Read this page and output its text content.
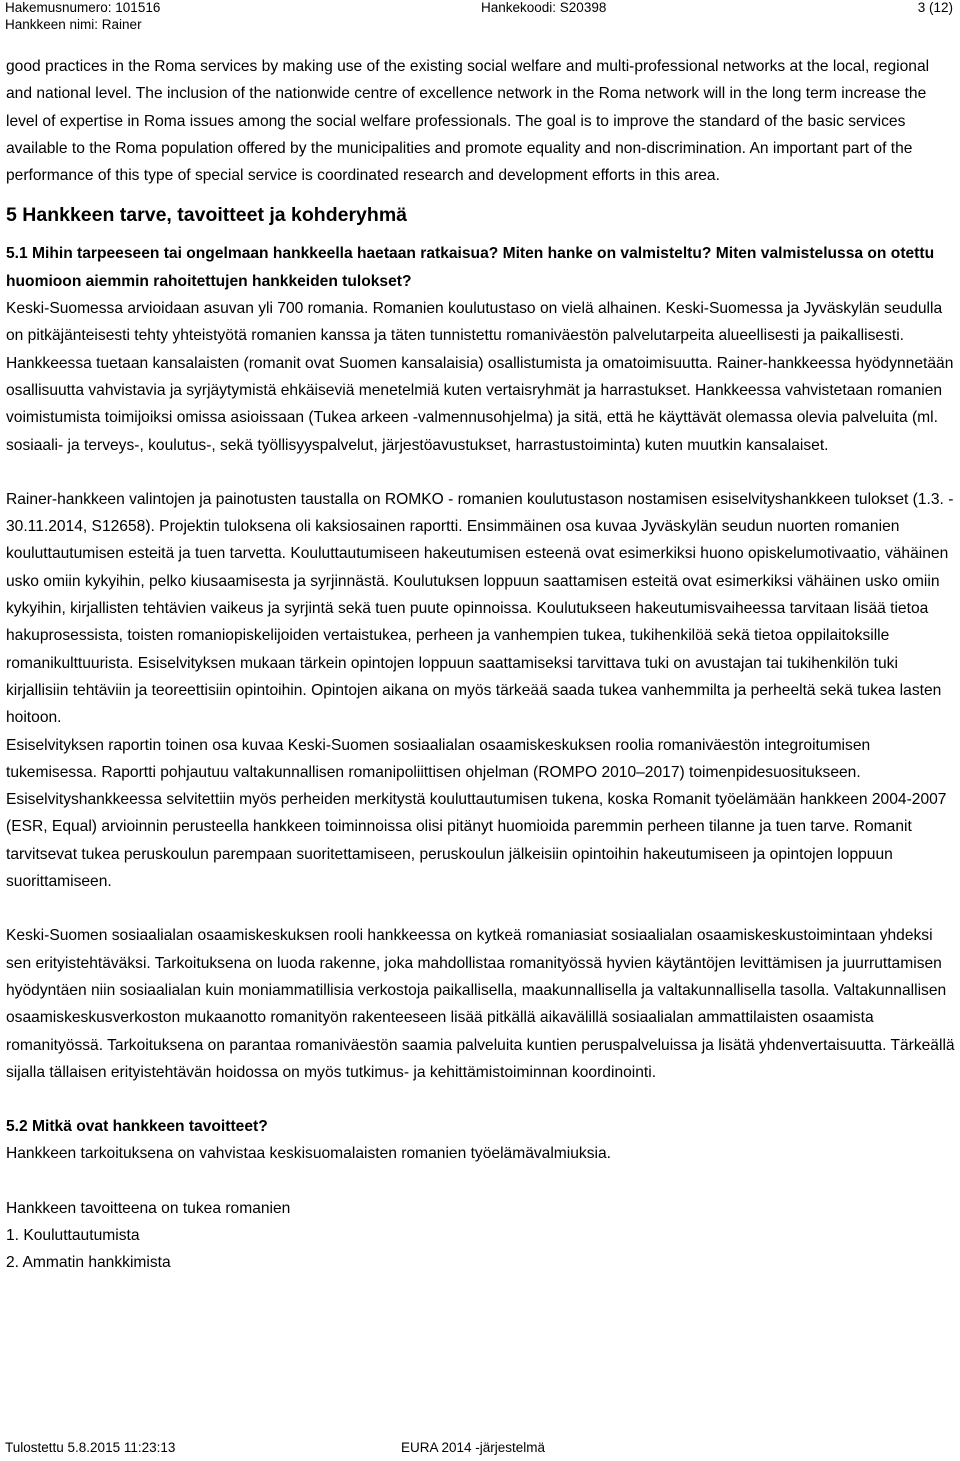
Hakemusnumero: 101516	Hankekoodi: S20398	3 (12)
Hankkeen nimi: Rainer

good practices in the Roma services by making use of the existing social welfare and multi-professional networks at the local, regional and national level. The inclusion of the nationwide centre of excellence network in the Roma network will in the long term increase the level of expertise in Roma issues among the social welfare professionals. The goal is to improve the standard of the basic services available to the Roma population offered by the municipalities and promote equality and non-discrimination. An important part of the performance of this type of special service is coordinated research and development efforts in this area.

5 Hankkeen tarve, tavoitteet ja kohderyhmä
5.1 Mihin tarpeeseen tai ongelmaan hankkeella haetaan ratkaisua? Miten hanke on valmisteltu? Miten valmistelussa on otettu huomioon aiemmin rahoitettujen hankkeiden tulokset?

Keski-Suomessa arvioidaan asuvan yli 700 romania. Romanien koulutustaso on vielä alhainen. Keski-Suomessa ja Jyväskylän seudulla on pitkäjänteisesti tehty yhteistyötä romanien kanssa ja täten tunnistettu romaniväestön palvelutarpeita alueellisesti ja paikallisesti. Hankkeessa tuetaan kansalaisten (romanit ovat Suomen kansalaisia) osallistumista ja omatoimisuutta. Rainer-hankkeessa hyödynnetään osallisuutta vahvistavia ja syrjäytymistä ehkäiseviä menetelmiä kuten vertaisryhmät ja harrastukset. Hankkeessa vahvistetaan romanien voimistumista toimijoiksi omissa asioissaan (Tukea arkeen -valmennusohjelma) ja sitä, että he käyttävät olemassa olevia palveluita (ml. sosiaali- ja terveys-, koulutus-, sekä työllisyyspalvelut, järjestöavustukset, harrastustoiminta) kuten muutkin kansalaiset.

Rainer-hankkeen valintojen ja painotusten taustalla on ROMKO - romanien koulutustason nostamisen esiselvityshankkeen tulokset (1.3. - 30.11.2014, S12658). Projektin tuloksena oli kaksiosainen raportti. Ensimmäinen osa kuvaa Jyväskylän seudun nuorten romanien kouluttautumisen esteitä ja tuen tarvetta. Kouluttautumiseen hakeutumisen esteenä ovat esimerkiksi huono opiskelumotivaatio, vähäinen usko omiin kykyihin, pelko kiusaamisesta ja syrjinnästä. Koulutuksen loppuun saattamisen esteitä ovat esimerkiksi vähäinen usko omiin kykyihin, kirjallisten tehtävien vaikeus ja syrjintä sekä tuen puute opinnoissa. Koulutukseen hakeutumisvaiheessa tarvitaan lisää tietoa hakuprosessista, toisten romaniopiskelijoiden vertaistukea, perheen ja vanhempien tukea, tukihenkilöä sekä tietoa oppilaitoksille romanikulttuurista. Esiselvityksen mukaan tärkein opintojen loppuun saattamiseksi tarvittava tuki on avustajan tai tukihenkilön tuki kirjallisiin tehtäviin ja teoreettisiin opintoihin. Opintojen aikana on myös tärkeää saada tukea vanhemmilta ja perheeltä sekä tukea lasten hoitoon.

Esiselvityksen raportin toinen osa kuvaa Keski-Suomen sosiaalialan osaamiskeskuksen roolia romaniväestön integroitumisen tukemisessa. Raportti pohjautuu valtakunnallisen romanipoliittisen ohjelman (ROMPO 2010–2017) toimenpidesuositukseen. Esiselvityshankkeessa selvitettiin myös perheiden merkitystä kouluttautumisen tukena, koska Romanit työelämään hankkeen 2004-2007 (ESR, Equal) arvioinnin perusteella hankkeen toiminnoissa olisi pitänyt huomioida paremmin perheen tilanne ja tuen tarve. Romanit tarvitsevat tukea peruskoulun parempaan suoritettamiseen, peruskoulun jälkeisiin opintoihin hakeutumiseen ja opintojen loppuun suorittamiseen.

Keski-Suomen sosiaalialan osaamiskeskuksen rooli hankkeessa on kytkeä romaniasiat sosiaalialan osaamiskeskustoimintaan yhdeksi sen erityistehtäväksi. Tarkoituksena on luoda rakenne, joka mahdollistaa romanityössä hyvien käytäntöjen levittämisen ja juurruttamisen hyödyntäen niin sosiaalialan kuin moniammatillisia verkostoja paikallisella, maakunnallisella ja valtakunnallisella tasolla. Valtakunnallisen osaamiskeskusverkoston mukaanotto romanityön rakenteeseen lisää pitkällä aikavälillä sosiaalialan ammattilaisten osaamista romanityössä. Tarkoituksena on parantaa romaniväestön saamia palveluita kuntien peruspalveluissa ja lisätä yhdenvertaisuutta. Tärkeällä sijalla tällaisen erityistehtävän hoidossa on myös tutkimus- ja kehittämistoiminnan koordinointi.

5.2 Mitkä ovat hankkeen tavoitteet?

Hankkeen tarkoituksena on vahvistaa keskisuomalaisten romanien työelämävalmiuksia.

Hankkeen tavoitteena on tukea romanien

1. Kouluttautumista

2. Ammatin hankkimista

Tulostettu 5.8.2015 11:23:13	EURA 2014 -järjestelmä
